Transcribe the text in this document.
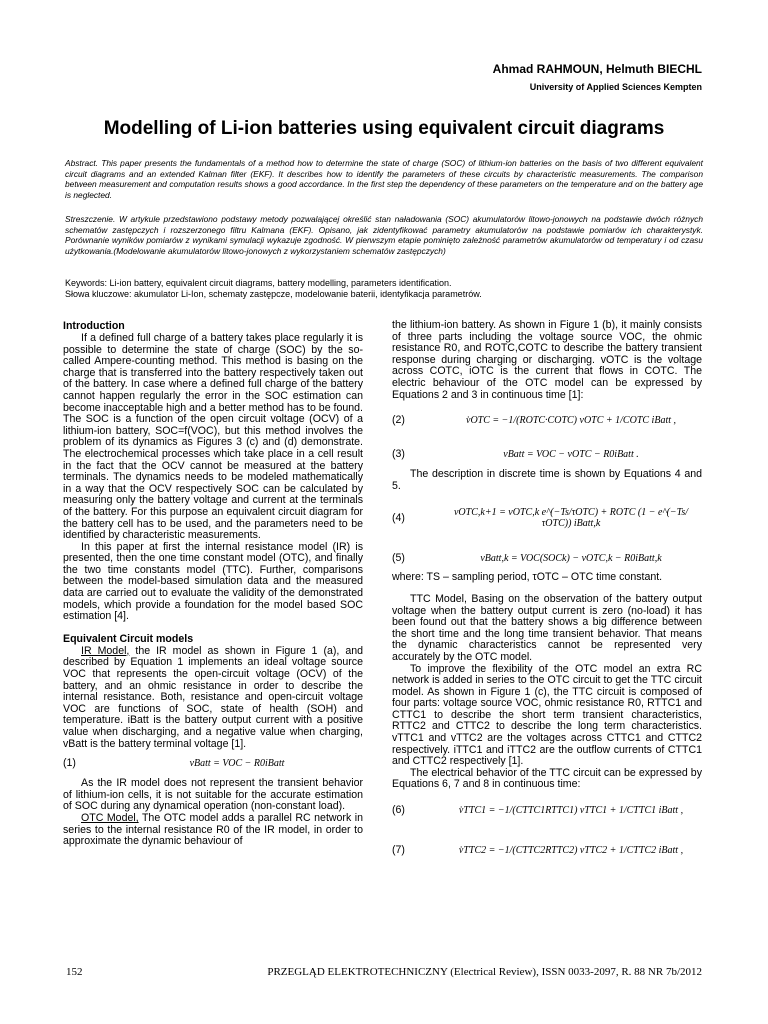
Ahmad RAHMOUN, Helmuth BIECHL
University of Applied Sciences Kempten
Modelling of Li-ion batteries using equivalent circuit diagrams
Abstract. This paper presents the fundamentals of a method how to determine the state of charge (SOC) of lithium-ion batteries on the basis of two different equivalent circuit diagrams and an extended Kalman filter (EKF). It describes how to identify the parameters of these circuits by characteristic measurements. The comparison between measurement and computation results shows a good accordance. In the first step the dependency of these parameters on the temperature and on the battery age is neglected.
Streszczenie. W artykule przedstawiono podstawy metody pozwalającej określić stan naładowania (SOC) akumulatorów litowo-jonowych na podstawie dwóch różnych schematów zastępczych i rozszerzonego filtru Kalmana (EKF). Opisano, jak zidentyfikować parametry akumulatorów na podstawie pomiarów ich charakterystyk. Porównanie wyników pomiarów z wynikami symulacji wykazuje zgodność. W pierwszym etapie pominięto zależność parametrów akumulatorów od temperatury i od czasu użytkowania.(Modelowanie akumulatorów litowo-jonowych z wykorzystaniem schematów zastępczych)
Keywords: Li-ion battery, equivalent circuit diagrams, battery modelling, parameters identification.
Słowa kluczowe: akumulator Li-Ion, schematy zastępcze, modelowanie baterii, identyfikacja parametrów.
Introduction

If a defined full charge of a battery takes place regularly it is possible to determine the state of charge (SOC) by the so-called Ampere-counting method. This method is basing on the charge that is transferred into the battery respectively taken out of the battery. In case where a defined full charge of the battery cannot happen regularly the error in the SOC estimation can become inacceptable high and a better method has to be found. The SOC is a function of the open circuit voltage (OCV) of a lithium-ion battery, SOC=f(VOC), but this method involves the problem of its dynamics as Figures 3 (c) and (d) demonstrate. The electrochemical processes which take place in a cell result in the fact that the OCV cannot be measured at the battery terminals. The dynamics needs to be modeled mathematically in a way that the OCV respectively SOC can be calculated by measuring only the battery voltage and current at the terminals of the battery. For this purpose an equivalent circuit diagram for the battery cell has to be used, and the parameters need to be identified by characteristic measurements.

In this paper at first the internal resistance model (IR) is presented, then the one time constant model (OTC), and finally the two time constants model (TTC). Further, comparisons between the model-based simulation data and the measured data are carried out to evaluate the validity of the demonstrated models, which provide a foundation for the model based SOC estimation [4].

Equivalent Circuit models

IR Model, the IR model as shown in Figure 1 (a), and described by Equation 1 implements an ideal voltage source VOC that represents the open-circuit voltage (OCV) of the battery, and an ohmic resistance in order to describe the internal resistance. Both, resistance and open-circuit voltage VOC are functions of SOC, state of health (SOH) and temperature. iBatt is the battery output current with a positive value when discharging, and a negative value when charging, vBatt is the battery terminal voltage [1].

(1)	vBatt = VOC − R0iBatt

As the IR model does not represent the transient behavior of lithium-ion cells, it is not suitable for the accurate estimation of SOC during any dynamical operation (non-constant load).

OTC Model, The OTC model adds a parallel RC network in series to the internal resistance R0 of the IR model, in order to approximate the dynamic behaviour of

the lithium-ion battery. As shown in Figure 1 (b), it mainly consists of three parts including the voltage source VOC, the ohmic resistance R0, and ROTC,COTC to describe the battery transient response during charging or discharging. vOTC is the voltage across COTC, iOTC is the current that flows in COTC. The electric behaviour of the OTC model can be expressed by Equations 2 and 3 in continuous time [1]:

(2)	v̇OTC = −1/(ROTC·COTC) vOTC + 1/COTC iBatt ,
(3)	vBatt = VOC − vOTC − R0iBatt .

The description in discrete time is shown by Equations 4 and 5.

(4)	vOTC,k+1 = vOTC,k e^(−Ts/τOTC) + ROTC (1 − e^(−Ts/τOTC)) iBatt,k
(5)	vBatt,k = VOC(SOCk) − vOTC,k − R0iBatt,k

where: TS – sampling period, τOTC – OTC time constant.

TTC Model, Basing on the observation of the battery output voltage when the battery output current is zero (no-load) it has been found out that the battery shows a big difference between the short time and the long time transient behavior. That means the dynamic characteristics cannot be represented very accurately by the OTC model.

To improve the flexibility of the OTC model an extra RC network is added in series to the OTC circuit to get the TTC circuit model. As shown in Figure 1 (c), the TTC circuit is composed of four parts: voltage source VOC, ohmic resistance R0, RTTC1 and CTTC1 to describe the short term transient characteristics, RTTC2 and CTTC2 to describe the long term characteristics. vTTC1 and vTTC2 are the voltages across CTTC1 and CTTC2 respectively. iTTC1 and iTTC2 are the outflow currents of CTTC1 and CTTC2 respectively [1].

The electrical behavior of the TTC circuit can be expressed by Equations 6, 7 and 8 in continuous time:

(6)	v̇TTC1 = −1/(CTTC1RTTC1) vTTC1 + 1/CTTC1 iBatt ,
(7)	v̇TTC2 = −1/(CTTC2RTTC2) vTTC2 + 1/CTTC2 iBatt ,
152	PRZEGLĄD ELEKTROTECHNICZNY (Electrical Review), ISSN 0033-2097, R. 88 NR 7b/2012
